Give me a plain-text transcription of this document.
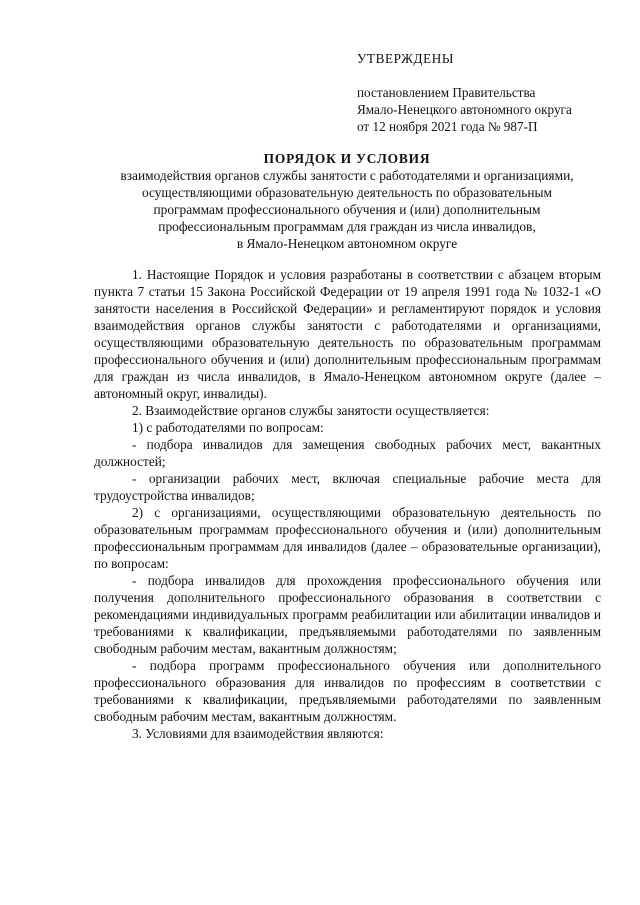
УТВЕРЖДЕНЫ
постановлением Правительства
Ямало-Ненецкого автономного округа
от 12 ноября 2021 года № 987-П
ПОРЯДОК И УСЛОВИЯ
взаимодействия органов службы занятости с работодателями и организациями,
осуществляющими образовательную деятельность по образовательным
программам профессионального обучения и (или) дополнительным
профессиональным программам для граждан из числа инвалидов,
в Ямало-Ненецком автономном округе

1. Настоящие Порядок и условия разработаны в соответствии с абзацем вторым пункта 7 статьи 15 Закона Российской Федерации от 19 апреля 1991 года № 1032-1 «О занятости населения в Российской Федерации» и регламентируют порядок и условия взаимодействия органов службы занятости с работодателями и организациями, осуществляющими образовательную деятельность по образовательным программам профессионального обучения и (или) дополнительным профессиональным программам для граждан из числа инвалидов, в Ямало-Ненецком автономном округе (далее – автономный округ, инвалиды).

2. Взаимодействие органов службы занятости осуществляется:

1) с работодателями по вопросам:

- подбора инвалидов для замещения свободных рабочих мест, вакантных должностей;

- организации рабочих мест, включая специальные рабочие места для трудоустройства инвалидов;

2) с организациями, осуществляющими образовательную деятельность по образовательным программам профессионального обучения и (или) дополнительным профессиональным программам для инвалидов (далее – образовательные организации), по вопросам:

- подбора инвалидов для прохождения профессионального обучения или получения дополнительного профессионального образования в соответствии с рекомендациями индивидуальных программ реабилитации или абилитации инвалидов и требованиями к квалификации, предъявляемыми работодателями по заявленным свободным рабочим местам, вакантным должностям;

- подбора программ профессионального обучения или дополнительного профессионального образования для инвалидов по профессиям в соответствии с требованиями к квалификации, предъявляемыми работодателями по заявленным свободным рабочим местам, вакантным должностям.

3. Условиями для взаимодействия являются:
